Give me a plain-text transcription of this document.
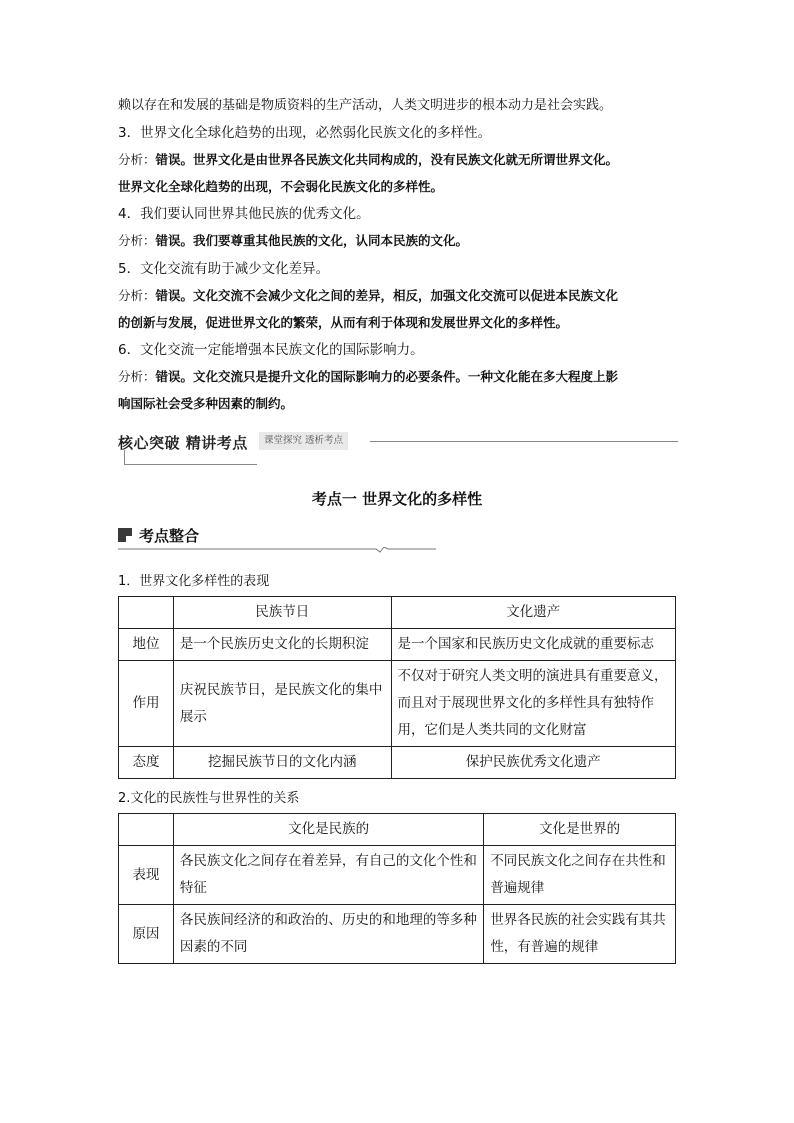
赖以存在和发展的基础是物质资料的生产活动，人类文明进步的根本动力是社会实践。
3．世界文化全球化趋势的出现，必然弱化民族文化的多样性。
分析：错误。世界文化是由世界各民族文化共同构成的，没有民族文化就无所谓世界文化。
世界文化全球化趋势的出现，不会弱化民族文化的多样性。
4．我们要认同世界其他民族的优秀文化。
分析：错误。我们要尊重其他民族的文化，认同本民族的文化。
5．文化交流有助于减少文化差异。
分析：错误。文化交流不会减少文化之间的差异，相反，加强文化交流可以促进本民族文化
的创新与发展，促进世界文化的繁荣，从而有利于体现和发展世界文化的多样性。
6．文化交流一定能增强本民族文化的国际影响力。
分析：错误。文化交流只是提升文化的国际影响力的必要条件。一种文化能在多大程度上影
响国际社会受多种因素的制约。
核心突破 精讲考点	课堂探究 透析考点
考点一 世界文化的多样性
考点整合
1．世界文化多样性的表现
	民族节日	文化遗产
地位	是一个民族历史文化的长期积淀	是一个国家和民族历史文化成就的重要标志
作用	庆祝民族节日，是民族文化的集中展示	不仅对于研究人类文明的演进具有重要意义，而且对于展现世界文化的多样性具有独特作用，它们是人类共同的文化财富
态度	挖掘民族节日的文化内涵	保护民族优秀文化遗产
2.文化的民族性与世界性的关系
	文化是民族的	文化是世界的
表现	各民族文化之间存在着差异，有自己的文化个性和特征	不同民族文化之间存在共性和普遍规律
原因	各民族间经济的和政治的、历史的和地理的等多种因素的不同	世界各民族的社会实践有其共性，有普遍的规律
